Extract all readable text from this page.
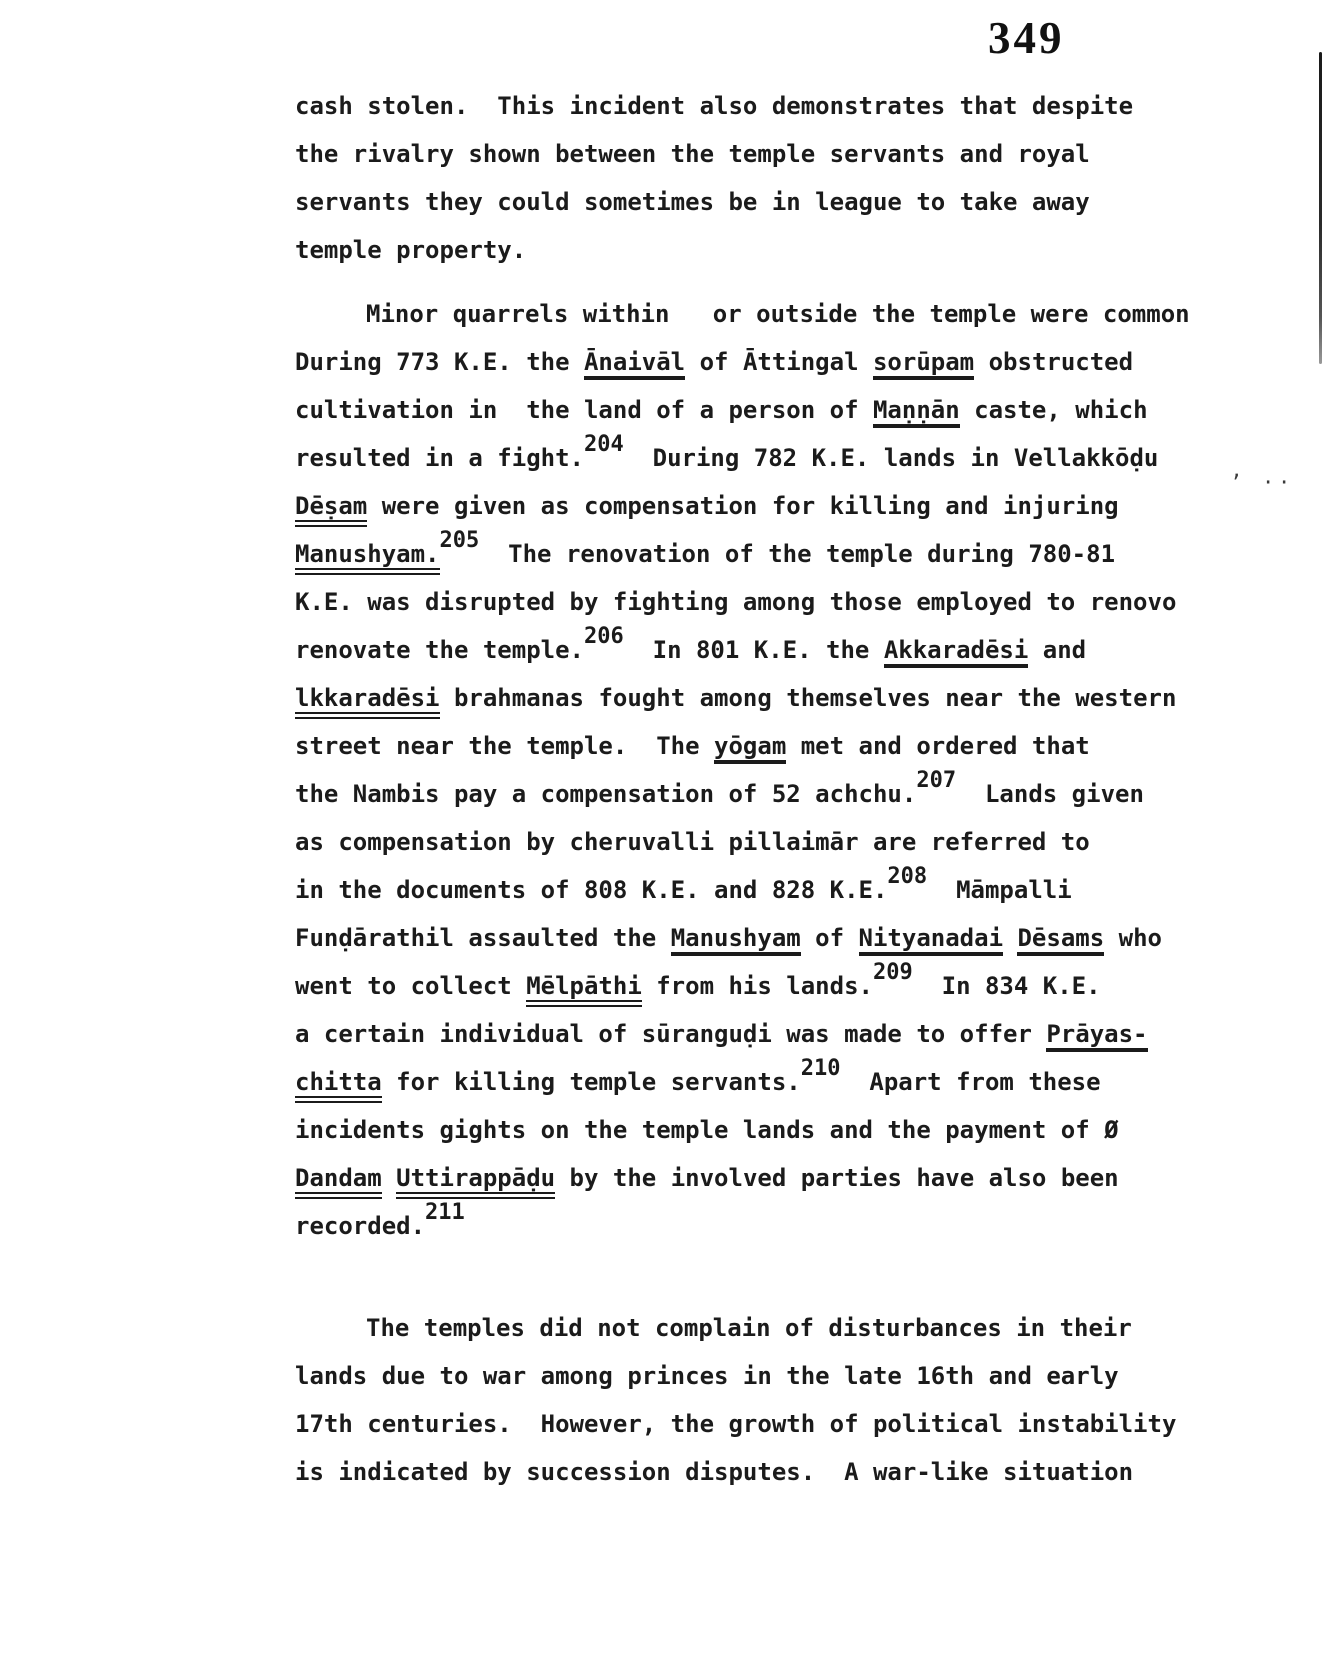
349
ʼ ··
cash stolen.  This incident also demonstrates that despite
the rivalry shown between the temple servants and royal
servants they could sometimes be in league to take away
temple property.
Minor quarrels within   or outside the temple were common
During 773 K.E. the Ānaivāl of Āttingal sorūpam obstructed
cultivation in  the land of a person of Maṇṇān caste, which
resulted in a fight.204  During 782 K.E. lands in Vellakkōḍu
Dēṣam were given as compensation for killing and injuring
Manushyam.205  The renovation of the temple during 780-81
K.E. was disrupted by fighting among those employed to renovo
renovate the temple.206  In 801 K.E. the Akkaradēsi and
lkkaradēsi brahmanas fought among themselves near the western
street near the temple.  The yōgam met and ordered that
the Nambis pay a compensation of 52 achchu.207  Lands given
as compensation by cheruvalli pillaimār are referred to
in the documents of 808 K.E. and 828 K.E.208  Māmpalli
Funḍārathil assaulted the Manushyam of Nityanadai Dēsams who
went to collect Mēlpāthi from his lands.209  In 834 K.E.
a certain individual of sūranguḍi was made to offer Prāyas-
chitta for killing temple servants.210  Apart from these
incidents gights on the temple lands and the payment of Ø
Dandam Uttirappāḍu by the involved parties have also been
recorded.211
The temples did not complain of disturbances in their
lands due to war among princes in the late 16th and early
17th centuries.  However, the growth of political instability
is indicated by succession disputes.  A war-like situation
